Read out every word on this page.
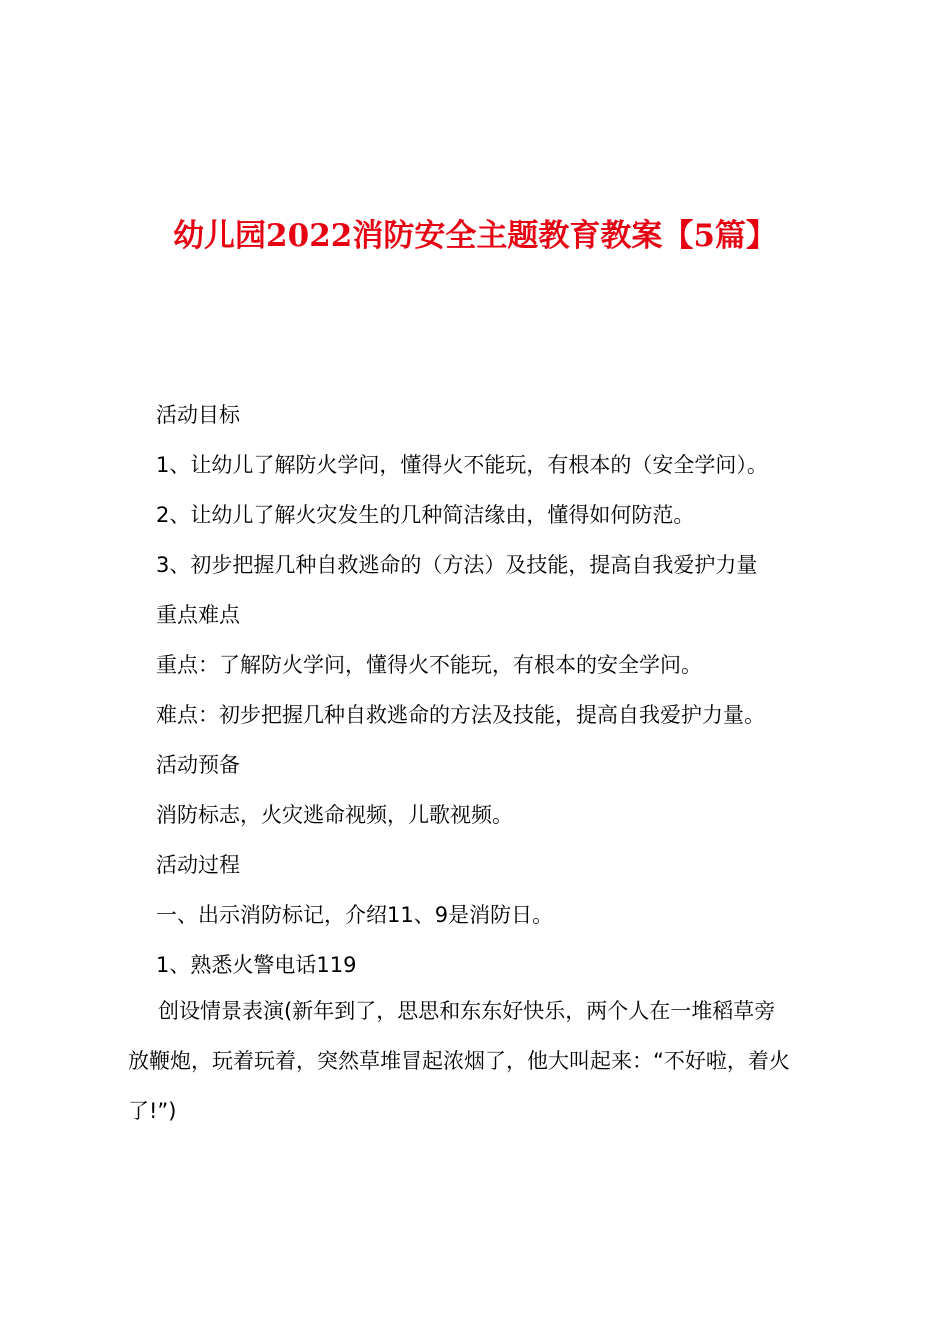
幼儿园2022消防安全主题教育教案【5篇】
活动目标
1、让幼儿了解防火学问，懂得火不能玩，有根本的（安全学问）。
2、让幼儿了解火灾发生的几种简洁缘由，懂得如何防范。
3、初步把握几种自救逃命的（方法）及技能，提高自我爱护力量
重点难点
重点：了解防火学问，懂得火不能玩，有根本的安全学问。
难点：初步把握几种自救逃命的方法及技能，提高自我爱护力量。
活动预备
消防标志，火灾逃命视频，儿歌视频。
活动过程
一、出示消防标记，介绍11、9是消防日。
1、熟悉火警电话119
创设情景表演(新年到了，思思和东东好快乐，两个人在一堆稻草旁
放鞭炮，玩着玩着，突然草堆冒起浓烟了，他大叫起来：“不好啦，着火
了!”)
